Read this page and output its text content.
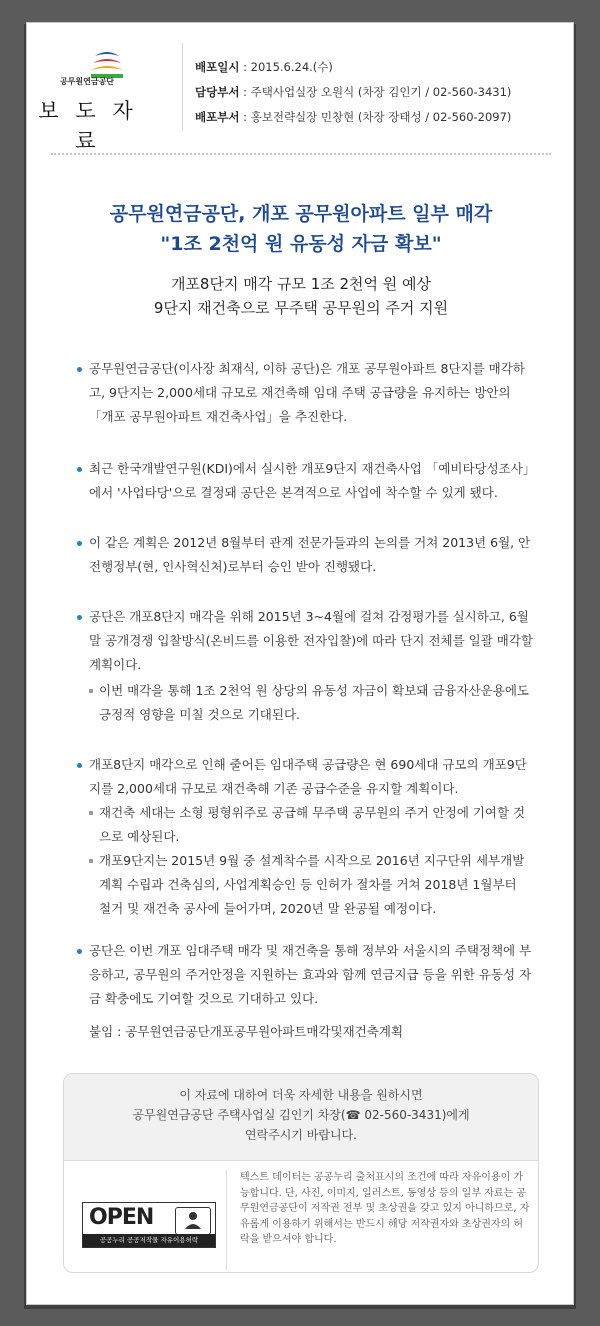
공무원연금공단
보 도 자 료
배포일시 : 2015.6.24.(수)
담당부서 : 주택사업실장 오원식 (차장 김인기 / 02-560-3431)
배포부서 : 홍보전략실장 민창현 (차장 장태성 / 02-560-2097)
공무원연금공단, 개포 공무원아파트 일부 매각
"1조 2천억 원 유동성 자금 확보"
개포8단지 매각 규모 1조 2천억 원 예상
9단지 재건축으로 무주택 공무원의 주거 지원
공무원연금공단(이사장 최재식, 이하 공단)은 개포 공무원아파트 8단지를 매각하고, 9단지는 2,000세대 규모로 재건축해 임대 주택 공급량을 유지하는 방안의「개포 공무원아파트 재건축사업」을 추진한다.
최근 한국개발연구원(KDI)에서 실시한 개포9단지 재건축사업 「예비타당성조사」에서 '사업타당'으로 결정돼 공단은 본격적으로 사업에 착수할 수 있게 됐다.
이 같은 계획은 2012년 8월부터 관계 전문가들과의 논의를 거쳐 2013년 6월, 안전행정부(현, 인사혁신처)로부터 승인 받아 진행됐다.
공단은 개포8단지 매각을 위해 2015년 3~4월에 걸쳐 감정평가를 실시하고, 6월 말 공개경쟁 입찰방식(온비드를 이용한 전자입찰)에 따라 단지 전체를 일괄 매각할 계획이다.
이번 매각을 통해 1조 2천억 원 상당의 유동성 자금이 확보돼 금융자산운용에도 긍정적 영향을 미칠 것으로 기대된다.
개포8단지 매각으로 인해 줄어든 임대주택 공급량은 현 690세대 규모의 개포9단지를 2,000세대 규모로 재건축해 기존 공급수준을 유지할 계획이다.
재건축 세대는 소형 평형위주로 공급해 무주택 공무원의 주거 안정에 기여할 것으로 예상된다.
개포9단지는 2015년 9월 중 설계착수를 시작으로 2016년 지구단위 세부개발계획 수립과 건축심의, 사업계획승인 등 인허가 절차를 거쳐 2018년 1월부터 철거 및 재건축 공사에 들어가며, 2020년 말 완공될 예정이다.
공단은 이번 개포 임대주택 매각 및 재건축을 통해 정부와 서울시의 주택정책에 부응하고, 공무원의 주거안정을 지원하는 효과와 함께 연금지급 등을 위한 유동성 자금 확충에도 기여할 것으로 기대하고 있다.
붙임 : 공무원연금공단개포공무원아파트매각및재건축계획
이 자료에 대하여 더욱 자세한 내용을 원하시면
공무원연금공단 주택사업실 김인기 차장(☎ 02-560-3431)에게
연락주시기 바랍니다.
OPEN
공공누리 공공저작물 자유이용허락
텍스트 데이터는 공공누리 출처표시의 조건에 따라 자유이용이 가능합니다. 단, 사진, 이미지, 일러스트, 동영상 등의 일부 자료는 공무원연금공단이 저작권 전부 및 초상권을 갖고 있지 아니하므로, 자유롭게 이용하기 위해서는 반드시 해당 저작권자와 초상권자의 허락을 받으셔야 합니다.
